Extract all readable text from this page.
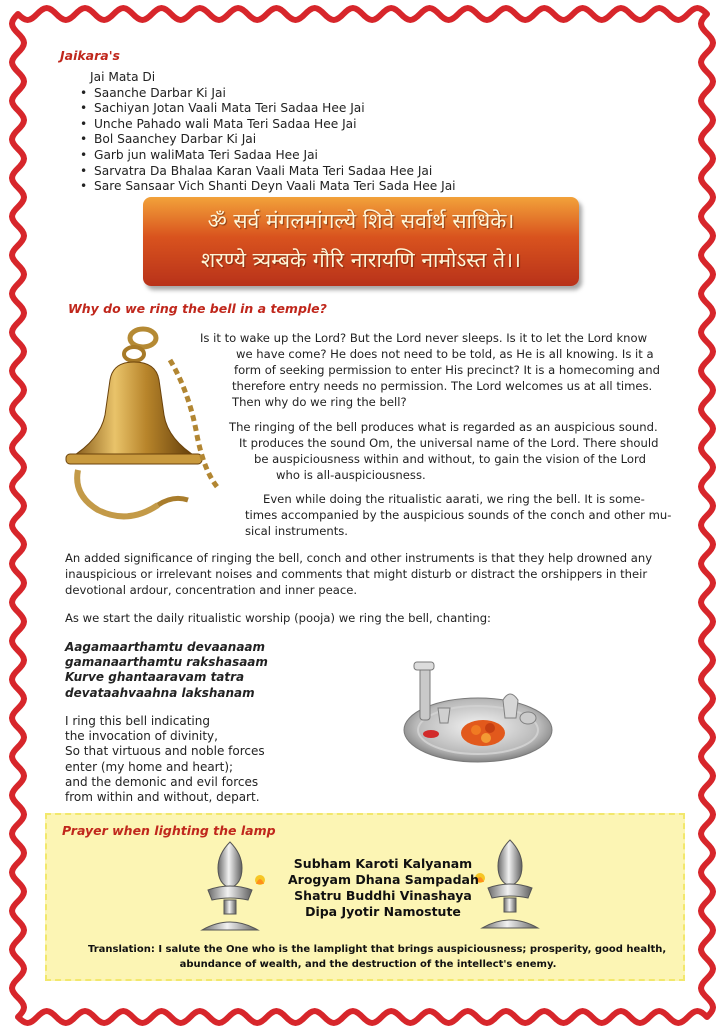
Jaikara's
Jai Mata Di
• Saanche Darbar Ki Jai
• Sachiyan Jotan Vaali Mata Teri Sadaa Hee Jai
• Unche Pahado wali Mata Teri Sadaa Hee Jai
• Bol Saanchey Darbar Ki Jai
• Garb jun waliMata Teri Sadaa Hee Jai
• Sarvatra Da Bhalaa Karan Vaali Mata Teri Sadaa Hee Jai
• Sare Sansaar Vich Shanti Deyn Vaali Mata Teri Sada Hee Jai
ॐ सर्व मंगलमांगल्ये शिवे सर्वार्थ साधिके।
शरण्ये त्र्यम्बके गौरि नारायणि नामोऽस्त ते।।
Why do we ring the bell in a temple?
Is it to wake up the Lord? But the Lord never sleeps. Is it to let the Lord know
we have come? He does not need to be told, as He is all knowing. Is it a
form of seeking permission to enter His precinct? It is a homecoming and
therefore entry needs no permission. The Lord welcomes us at all times.
Then why do we ring the bell?
The ringing of the bell produces what is regarded as an auspicious sound.
It produces the sound Om, the universal name of the Lord. There should
be auspiciousness within and without, to gain the vision of the Lord
who is all-auspiciousness.
Even while doing the ritualistic aarati, we ring the bell. It is some-
times accompanied by the auspicious sounds of the conch and other mu-
sical instruments.
An added significance of ringing the bell, conch and other instruments is that they help drowned any
inauspicious or irrelevant noises and comments that might disturb or distract the orshippers in their
devotional ardour, concentration and inner peace.
As we start the daily ritualistic worship (pooja) we ring the bell, chanting:
Aagamaarthamtu devaanaam
gamanaarthamtu rakshasaam
Kurve ghantaaravam tatra
devataahvaahna lakshanam
I ring this bell indicating
the invocation of divinity,
So that virtuous and noble forces
enter (my home and heart);
and the demonic and evil forces
from within and without, depart.
Prayer when lighting the lamp
Subham Karoti Kalyanam
Arogyam Dhana Sampadah
Shatru Buddhi Vinashaya
Dipa Jyotir Namostute
Translation: I salute the One who is the lamplight that brings auspiciousness; prosperity, good health,
abundance of wealth, and the destruction of the intellect's enemy.
